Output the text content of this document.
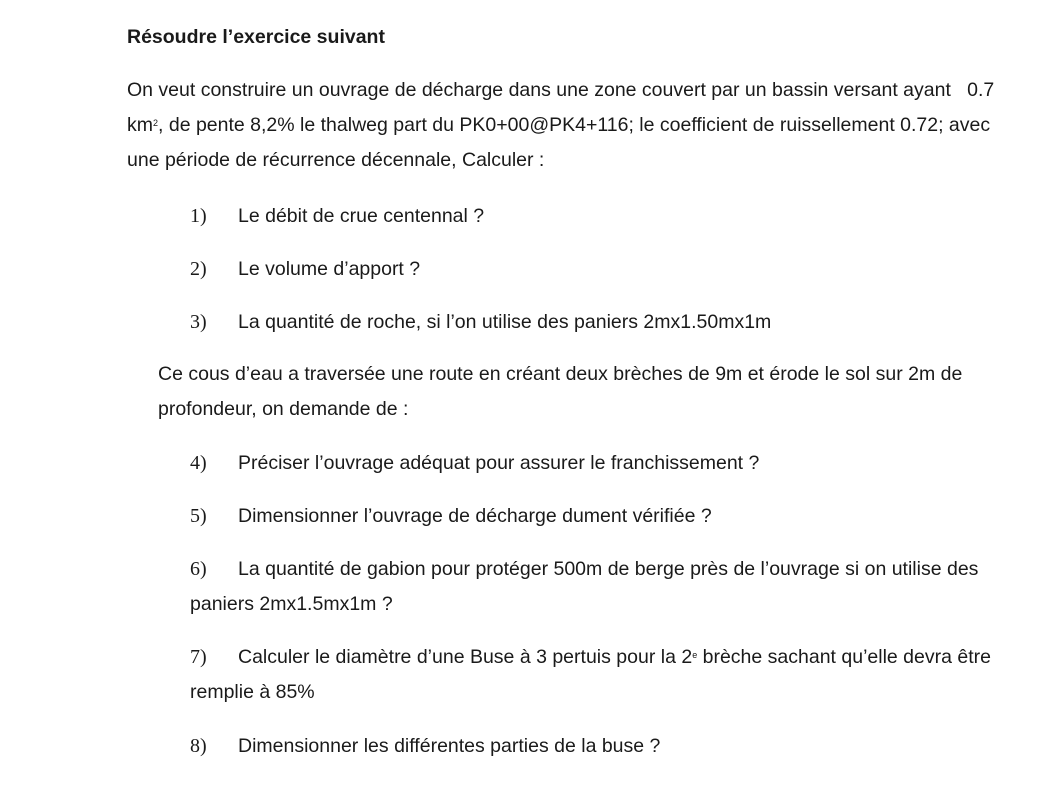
Résoudre l’exercice suivant
On veut construire un ouvrage de décharge dans une zone couvert par un bassin versant ayant   0.7 $km^2$, de pente 8,2% le thalweg part du PK0+00@PK4+116; le coefficient de ruissellement 0.72; avec une période de récurrence décennale, Calculer :
1) Le débit de crue centennal ?
2) Le volume d’apport ?
3) La quantité de roche, si l’on utilise des paniers 2mx1.50mx1m
Ce cous d’eau a traversée une route en créant deux brèches de 9m et érode le sol sur 2m de profondeur, on demande de :
4) Préciser l’ouvrage adéquat pour assurer le franchissement ?
5) Dimensionner l’ouvrage de décharge dument vérifiée ?
6) La quantité de gabion pour protéger 500m de berge près de l’ouvrage si on utilise des paniers 2mx1.5mx1m ?
7) Calculer le diamètre d’une Buse à 3 pertuis pour la 2e brèche sachant qu’elle devra être remplie à 85%
8) Dimensionner les différentes parties de la buse ?
